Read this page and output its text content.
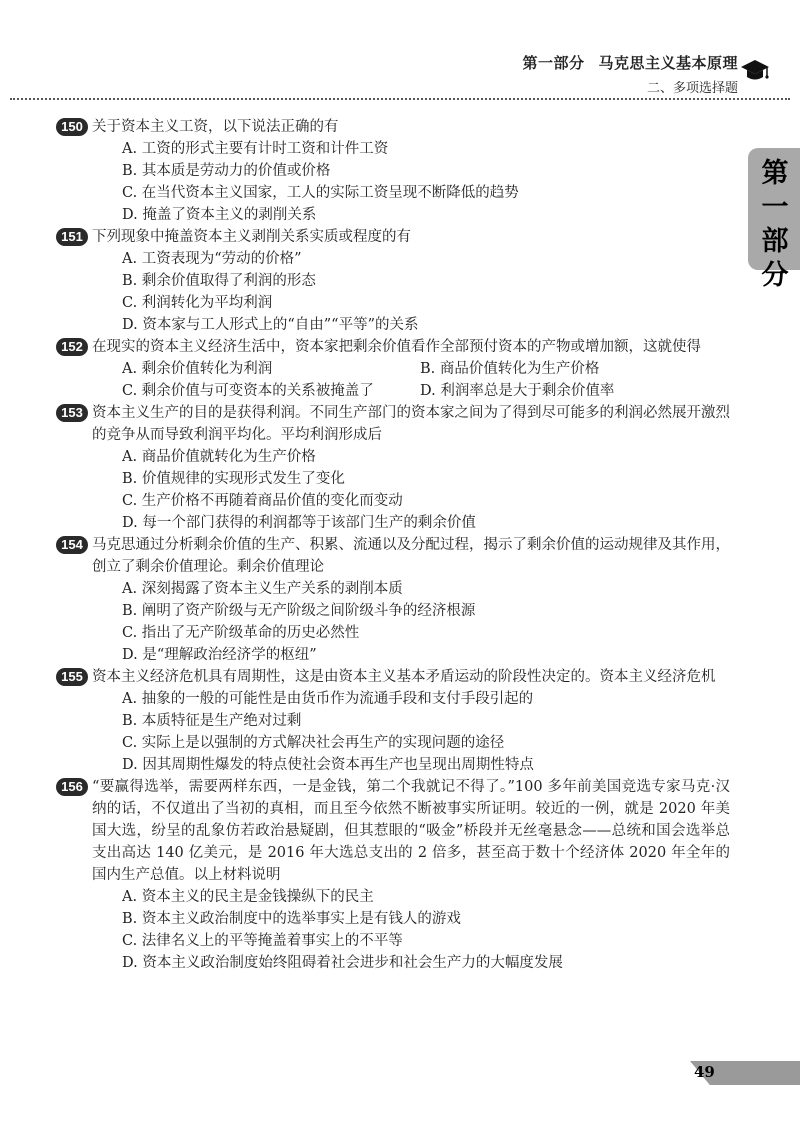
第一部分 马克思主义基本原理
二、多项选择题
第一部分
150 关于资本主义工资，以下说法正确的有
A. 工资的形式主要有计时工资和计件工资
B. 其本质是劳动力的价值或价格
C. 在当代资本主义国家，工人的实际工资呈现不断降低的趋势
D. 掩盖了资本主义的剥削关系
151 下列现象中掩盖资本主义剥削关系实质或程度的有
A. 工资表现为“劳动的价格”
B. 剩余价值取得了利润的形态
C. 利润转化为平均利润
D. 资本家与工人形式上的“自由”“平等”的关系
152 在现实的资本主义经济生活中，资本家把剩余价值看作全部预付资本的产物或增加额，这就使得
A. 剩余价值转化为利润	B. 商品价值转化为生产价格
C. 剩余价值与可变资本的关系被掩盖了	D. 利润率总是大于剩余价值率
153 资本主义生产的目的是获得利润。不同生产部门的资本家之间为了得到尽可能多的利润必然展开激烈的竞争从而导致利润平均化。平均利润形成后
A. 商品价值就转化为生产价格
B. 价值规律的实现形式发生了变化
C. 生产价格不再随着商品价值的变化而变动
D. 每一个部门获得的利润都等于该部门生产的剩余价值
154 马克思通过分析剩余价值的生产、积累、流通以及分配过程，揭示了剩余价值的运动规律及其作用，创立了剩余价值理论。剩余价值理论
A. 深刻揭露了资本主义生产关系的剥削本质
B. 阐明了资产阶级与无产阶级之间阶级斗争的经济根源
C. 指出了无产阶级革命的历史必然性
D. 是“理解政治经济学的枢纽”
155 资本主义经济危机具有周期性，这是由资本主义基本矛盾运动的阶段性决定的。资本主义经济危机
A. 抽象的一般的可能性是由货币作为流通手段和支付手段引起的
B. 本质特征是生产绝对过剩
C. 实际上是以强制的方式解决社会再生产的实现问题的途径
D. 因其周期性爆发的特点使社会资本再生产也呈现出周期性特点
156 “要赢得选举，需要两样东西，一是金钱，第二个我就记不得了。”100 多年前美国竞选专家马克·汉纳的话，不仅道出了当初的真相，而且至今依然不断被事实所证明。较近的一例，就是 2020 年美国大选，纷呈的乱象仿若政治悬疑剧，但其惹眼的“吸金”桥段并无丝毫悬念——总统和国会选举总支出高达 140 亿美元，是 2016 年大选总支出的 2 倍多，甚至高于数十个经济体 2020 年全年的国内生产总值。以上材料说明
A. 资本主义的民主是金钱操纵下的民主
B. 资本主义政治制度中的选举事实上是有钱人的游戏
C. 法律名义上的平等掩盖着事实上的不平等
D. 资本主义政治制度始终阻碍着社会进步和社会生产力的大幅度发展
49
